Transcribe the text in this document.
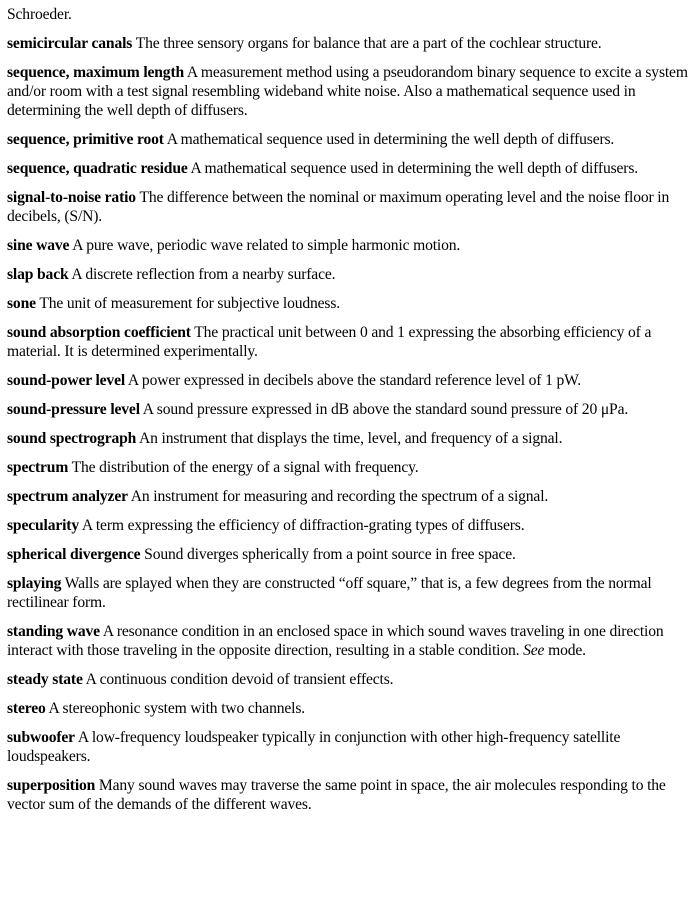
Schroeder.

semicircular canals The three sensory organs for balance that are a part of the cochlear structure.

sequence, maximum length A measurement method using a pseudorandom binary sequence to excite a system and/or room with a test signal resembling wideband white noise. Also a mathematical sequence used in determining the well depth of diffusers.

sequence, primitive root A mathematical sequence used in determining the well depth of diffusers.

sequence, quadratic residue A mathematical sequence used in determining the well depth of diffusers.

signal-to-noise ratio The difference between the nominal or maximum operating level and the noise floor in decibels, (S/N).

sine wave A pure wave, periodic wave related to simple harmonic motion.

slap back A discrete reflection from a nearby surface.

sone The unit of measurement for subjective loudness.

sound absorption coefficient The practical unit between 0 and 1 expressing the absorbing efficiency of a material. It is determined experimentally.

sound-power level A power expressed in decibels above the standard reference level of 1 pW.

sound-pressure level A sound pressure expressed in dB above the standard sound pressure of 20 μPa.

sound spectrograph An instrument that displays the time, level, and frequency of a signal.

spectrum The distribution of the energy of a signal with frequency.

spectrum analyzer An instrument for measuring and recording the spectrum of a signal.

specularity A term expressing the efficiency of diffraction-grating types of diffusers.

spherical divergence Sound diverges spherically from a point source in free space.

splaying Walls are splayed when they are constructed “off square,” that is, a few degrees from the normal rectilinear form.

standing wave A resonance condition in an enclosed space in which sound waves traveling in one direction interact with those traveling in the opposite direction, resulting in a stable condition. See mode.

steady state A continuous condition devoid of transient effects.

stereo A stereophonic system with two channels.

subwoofer A low-frequency loudspeaker typically in conjunction with other high-frequency satellite loudspeakers.

superposition Many sound waves may traverse the same point in space, the air molecules responding to the vector sum of the demands of the different waves.
